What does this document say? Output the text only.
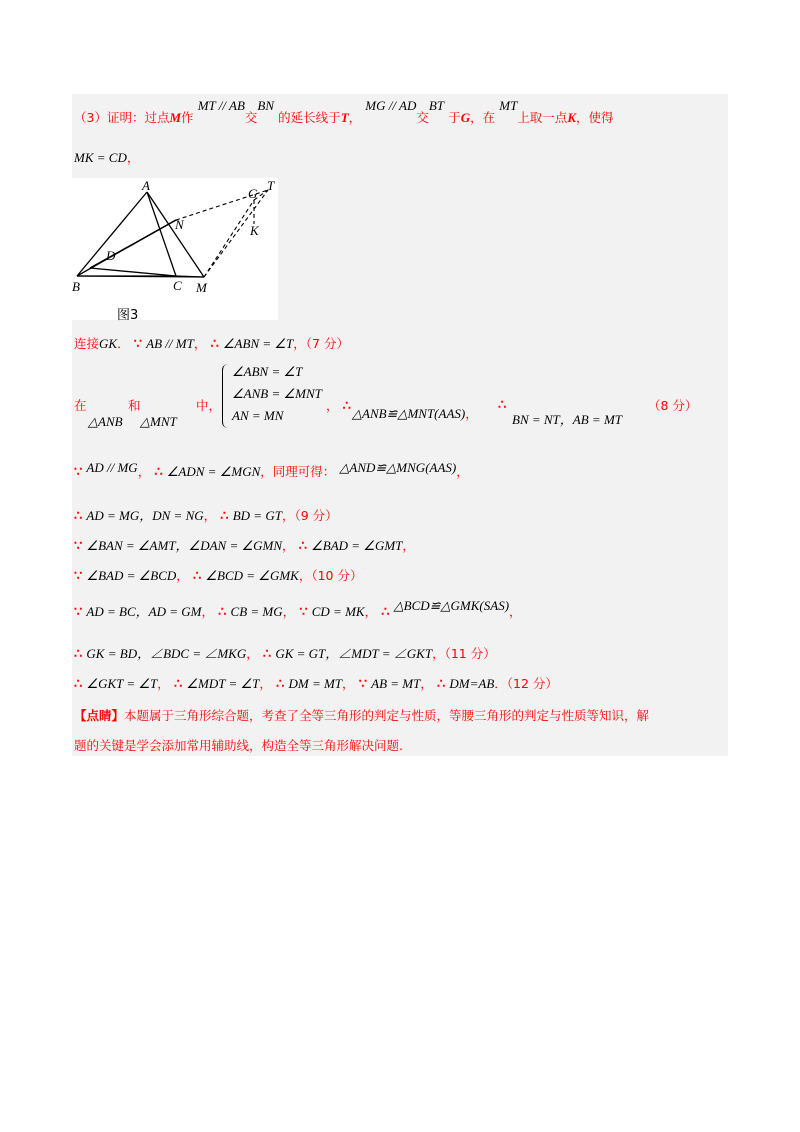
（3）证明：过点M作 MT // AB交BN 的延长线于T， MG // AD交BT 于G，在 MT上取一点K，使得
MK = CD，
A
G
T
N	K
D
B	C M
图3
连接GK． ∵ AB // MT， ∴ ∠ABN = ∠T，（7 分）
在
△ANB
和
△MNT
中，
∠ABN = ∠T
∠ANB = ∠MNT
AN = MN
， ∴ △ANB≌△MNT(AAS)，
∴
BN = NT，AB = MT
（8 分）
∵ AD // MG， ∴ ∠ADN = ∠MGN，同理可得： △AND≌△MNG(AAS)，
∴ AD = MG，DN = NG， ∴ BD = GT，（9 分）
∵ ∠BAN = ∠AMT，∠DAN = ∠GMN， ∴ ∠BAD = ∠GMT，
∵ ∠BAD = ∠BCD， ∴ ∠BCD = ∠GMK，（10 分）
∵ AD = BC，AD = GM， ∴ CB = MG， ∵ CD = MK， ∴ △BCD≌△GMK(SAS)，
∴ GK = BD，∠BDC = ∠MKG， ∴ GK = GT，∠MDT = ∠GKT，（11 分）
∴ ∠GKT = ∠T， ∴ ∠MDT = ∠T， ∴ DM = MT， ∵ AB = MT， ∴ DM=AB．（12 分）
【点睛】本题属于三角形综合题，考查了全等三角形的判定与性质，等腰三角形的判定与性质等知识，解
题的关键是学会添加常用辅助线，构造全等三角形解决问题.
